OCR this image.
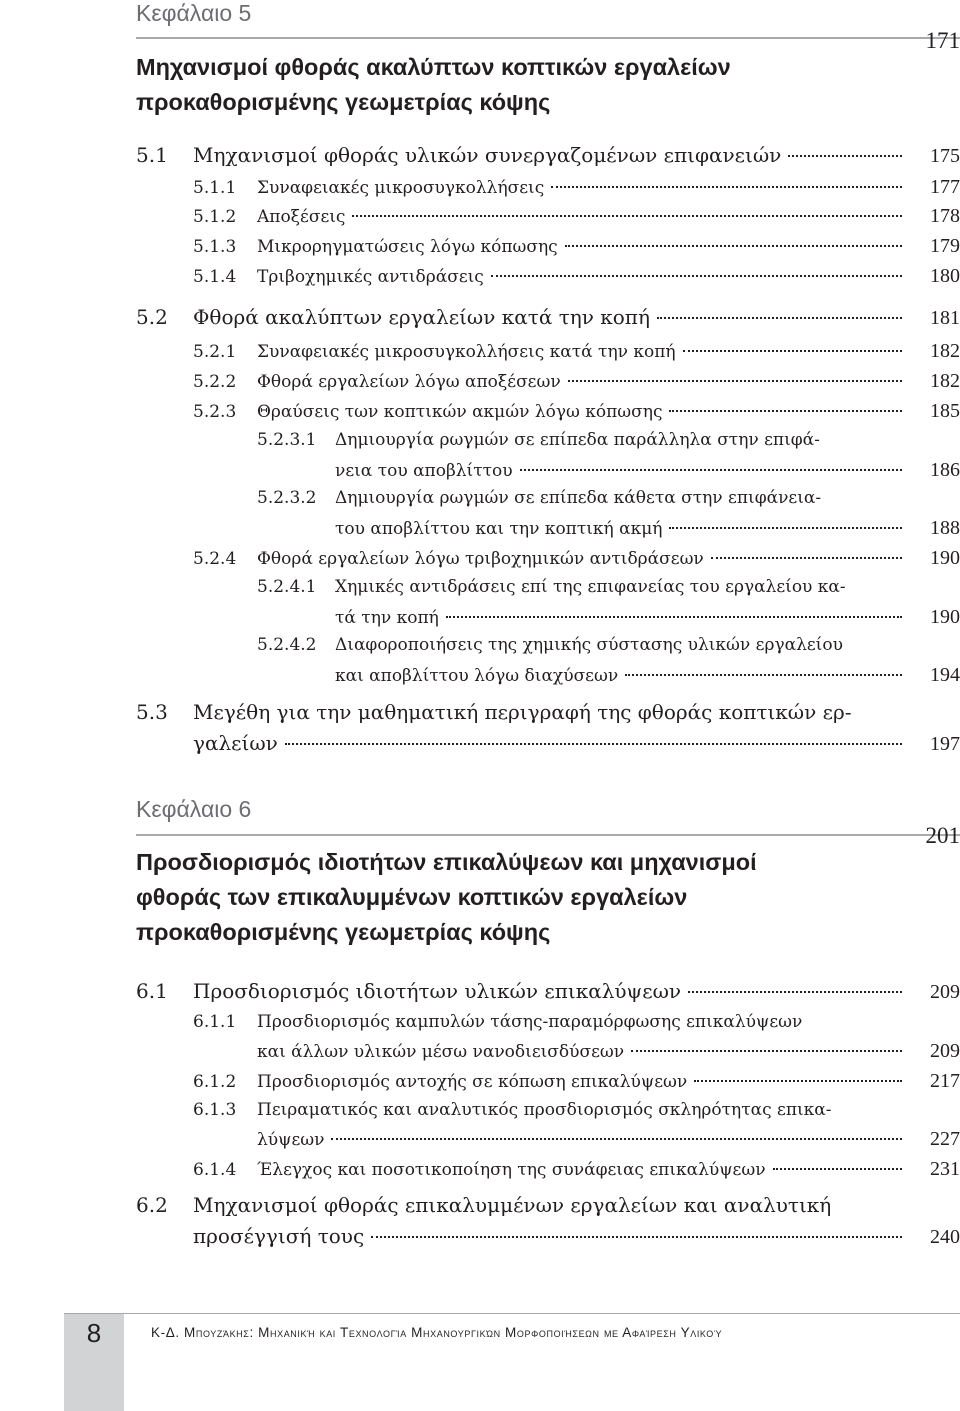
Κεφάλαιο 5
171
Μηχανισμοί φθοράς ακαλύπτων κοπτικών εργαλείων
προκαθορισμένης γεωμετρίας κόψης
5.1	Μηχανισμοί φθοράς υλικών συνεργαζομένων επιφανειών	175
5.1.1	Συναφειακές μικροσυγκολλήσεις	177
5.1.2	Αποξέσεις	178
5.1.3	Μικρορηγματώσεις λόγω κόπωσης	179
5.1.4	Τριβοχημικές αντιδράσεις	180
5.2	Φθορά ακαλύπτων εργαλείων κατά την κοπή	181
5.2.1	Συναφειακές μικροσυγκολλήσεις κατά την κοπή	182
5.2.2	Φθορά εργαλείων λόγω αποξέσεων	182
5.2.3	Θραύσεις των κοπτικών ακμών λόγω κόπωσης	185
5.2.3.1 Δημιουργία ρωγμών σε επίπεδα παράλληλα στην επιφά-
νεια του αποβλίττου	186
5.2.3.2 Δημιουργία ρωγμών σε επίπεδα κάθετα στην επιφάνεια-
του αποβλίττου και την κοπτική ακμή	188
5.2.4	Φθορά εργαλείων λόγω τριβοχημικών αντιδράσεων	190
5.2.4.1 Χημικές αντιδράσεις επί της επιφανείας του εργαλείου κα-
τά την κοπή	190
5.2.4.2 Διαφοροποιήσεις της χημικής σύστασης υλικών εργαλείου
και αποβλίττου λόγω διαχύσεων	194
5.3 Μεγέθη για την μαθηματική περιγραφή της φθοράς κοπτικών ερ-
γαλείων	197
Κεφάλαιο 6
201
Προσδιορισμός ιδιοτήτων επικαλύψεων και μηχανισμοί
φθοράς των επικαλυμμένων κοπτικών εργαλείων
προκαθορισμένης γεωμετρίας κόψης
6.1	Προσδιορισμός ιδιοτήτων υλικών επικαλύψεων	209
6.1.1 Προσδιορισμός καμπυλών τάσης-παραμόρφωσης επικαλύψεων
και άλλων υλικών μέσω νανοδιεισδύσεων	209
6.1.2	Προσδιορισμός αντοχής σε κόπωση επικαλύψεων	217
6.1.3 Πειραματικός και αναλυτικός προσδιορισμός σκληρότητας επικα-
λύψεων	227
6.1.4	Έλεγχος και ποσοτικοποίηση της συνάφειας επικαλύψεων	231
6.2 Μηχανισμοί φθοράς επικαλυμμένων εργαλείων και αναλυτική
προσέγγισή τους	240
8	Κ-Δ. Μπουζάκης: Μηχανική και Τεχνολογία Μηχανουργικών Μορφοποιήσεων με Αφαίρεση Υλικού
